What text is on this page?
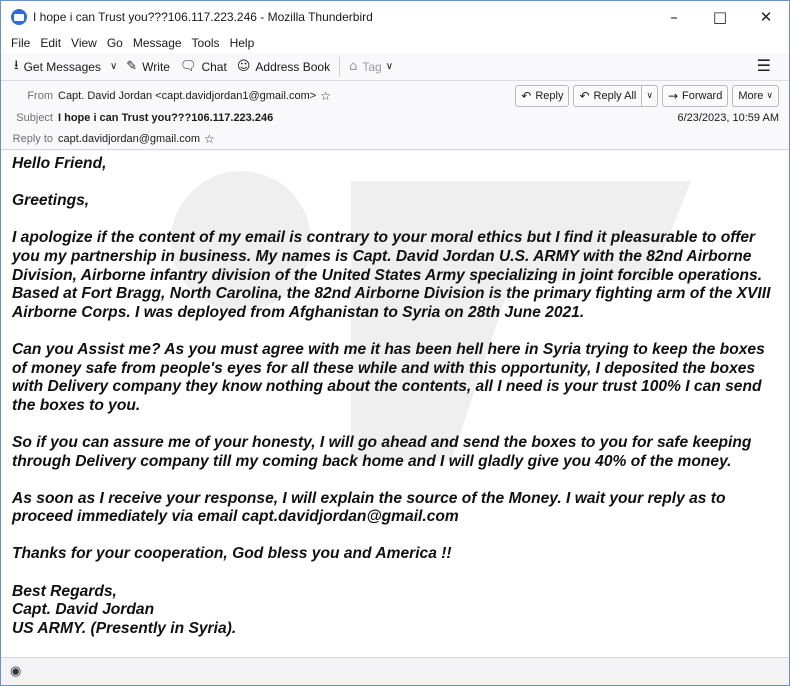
I hope i can Trust you???106.117.223.246 - Mozilla Thunderbird	–	□	✕
File Edit View Go Message Tools Help
⭳ Get Messages ∨ ✎ Write 🗨 Chat ☺ Address Book ⌂ Tag ∨	☰
From Capt. David Jordan <capt.davidjordan1@gmail.com> ☆
Subject I hope i can Trust you???106.117.223.246
Reply to capt.davidjordan@gmail.com ☆
↶ Reply ↶ Reply All	∨	→ Forward More ∨
6/23/2023, 10:59 AM
Hello Friend,
Greetings,
I apologize if the content of my email is contrary to your moral ethics but I find it pleasurable to offer you my partnership in business. My names is Capt. David Jordan U.S. ARMY with the 82nd Airborne Division, Airborne infantry division of the United States Army specializing in joint forcible operations. Based at Fort Bragg, North Carolina, the 82nd Airborne Division is the primary fighting arm of the XVIII Airborne Corps. I was deployed from Afghanistan to Syria on 28th June 2021.
Can you Assist me? As you must agree with me it has been hell here in Syria trying to keep the boxes of money safe from people's eyes for all these while and with this opportunity, I deposited the boxes with Delivery company they know nothing about the contents, all I need is your trust 100% I can send the boxes to you.
So if you can assure me of your honesty, I will go ahead and send the boxes to you for safe keeping through Delivery company till my coming back home and I will gladly give you 40% of the money.
As soon as I receive your response, I will explain the source of the Money. I wait your reply as to proceed immediately via email capt.davidjordan@gmail.com
Thanks for your cooperation, God bless you and America !!
Best Regards,
Capt. David Jordan
US ARMY. (Presently in Syria).
◉
